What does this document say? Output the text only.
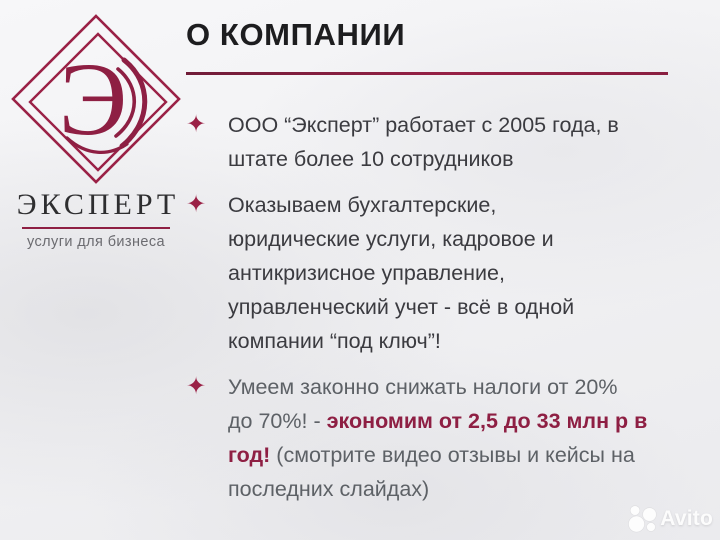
Э
ЭКСПЕРТ
услуги для бизнеса
О КОМПАНИИ
✦ ООО “Эксперт” работает с 2005 года, в
штате более 10 сотрудников
✦ Оказываем бухгалтерские,
юридические услуги, кадровое и
антикризисное управление,
управленческий учет - всё в одной
компании “под ключ”!
✦ Умеем законно снижать налоги от 20%
до 70%! - экономим от 2,5 до 33 млн р в
год! (смотрите видео отзывы и кейсы на
последних слайдах)
Avito
